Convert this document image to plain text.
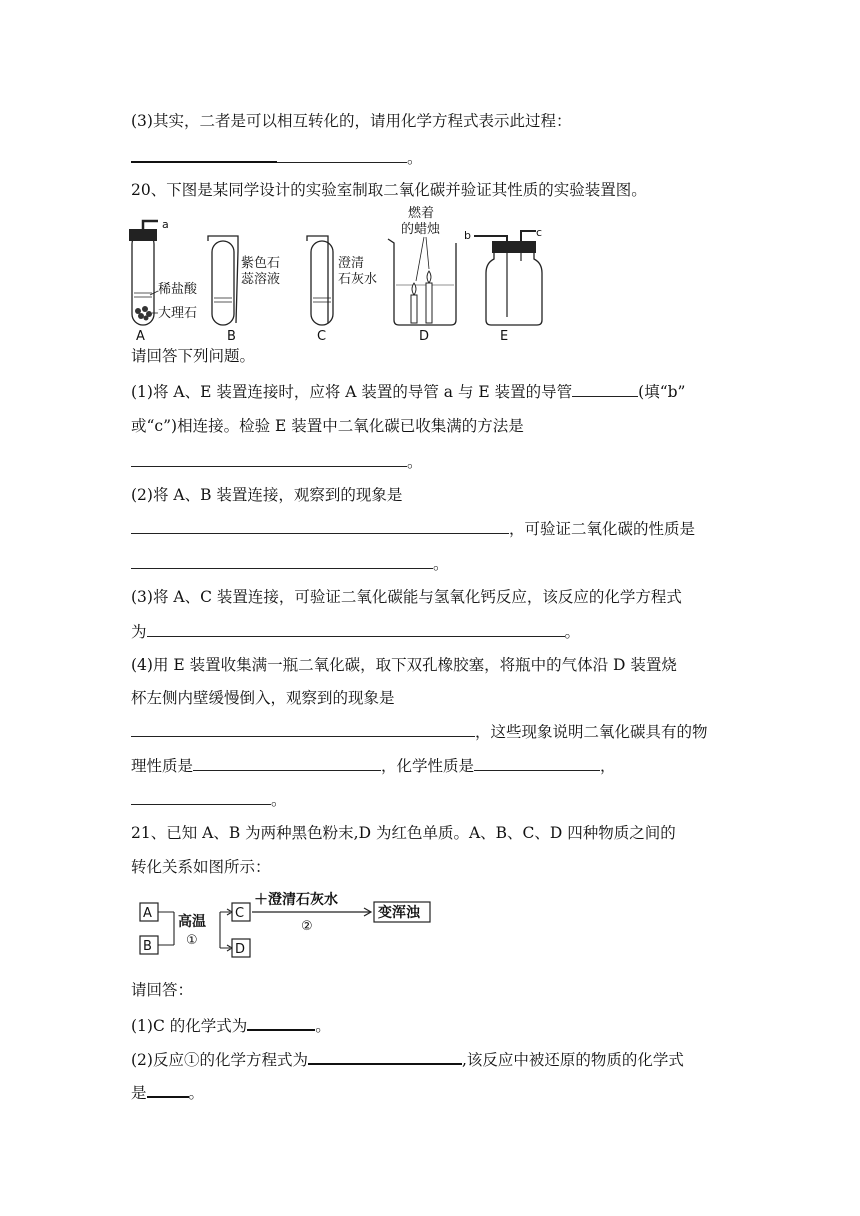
(3)其实，二者是可以相互转化的，请用化学方程式表示此过程：
。
20、下图是某同学设计的实验室制取二氧化碳并验证其性质的实验装置图。
a
稀盐酸
大理石
A
紫色石
蕊溶液
B
澄清
石灰水
C
燃着
的蜡烛
D
b	c
E
请回答下列问题。
(1)将 A、E 装置连接时，应将 A 装置的导管 a 与 E 装置的导管	(填“b”
或“c”)相连接。检验 E 装置中二氧化碳已收集满的方法是
。
(2)将 A、B 装置连接，观察到的现象是
，可验证二氧化碳的性质是
。
(3)将 A、C 装置连接，可验证二氧化碳能与氢氧化钙反应，该反应的化学方程式
为	。
(4)用 E 装置收集满一瓶二氧化碳，取下双孔橡胶塞，将瓶中的气体沿 D 装置烧
杯左侧内壁缓慢倒入，观察到的现象是
，这些现象说明二氧化碳具有的物
理性质是	，化学性质是	，
。
21、已知 A、B 为两种黑色粉末,D 为红色单质。A、B、C、D 四种物质之间的
转化关系如图所示：
A
B
高温
①
C
D
＋澄清石灰水
②
变浑浊
请回答：
(1)C 的化学式为	。
(2)反应①的化学方程式为	,该反应中被还原的物质的化学式
是	。
